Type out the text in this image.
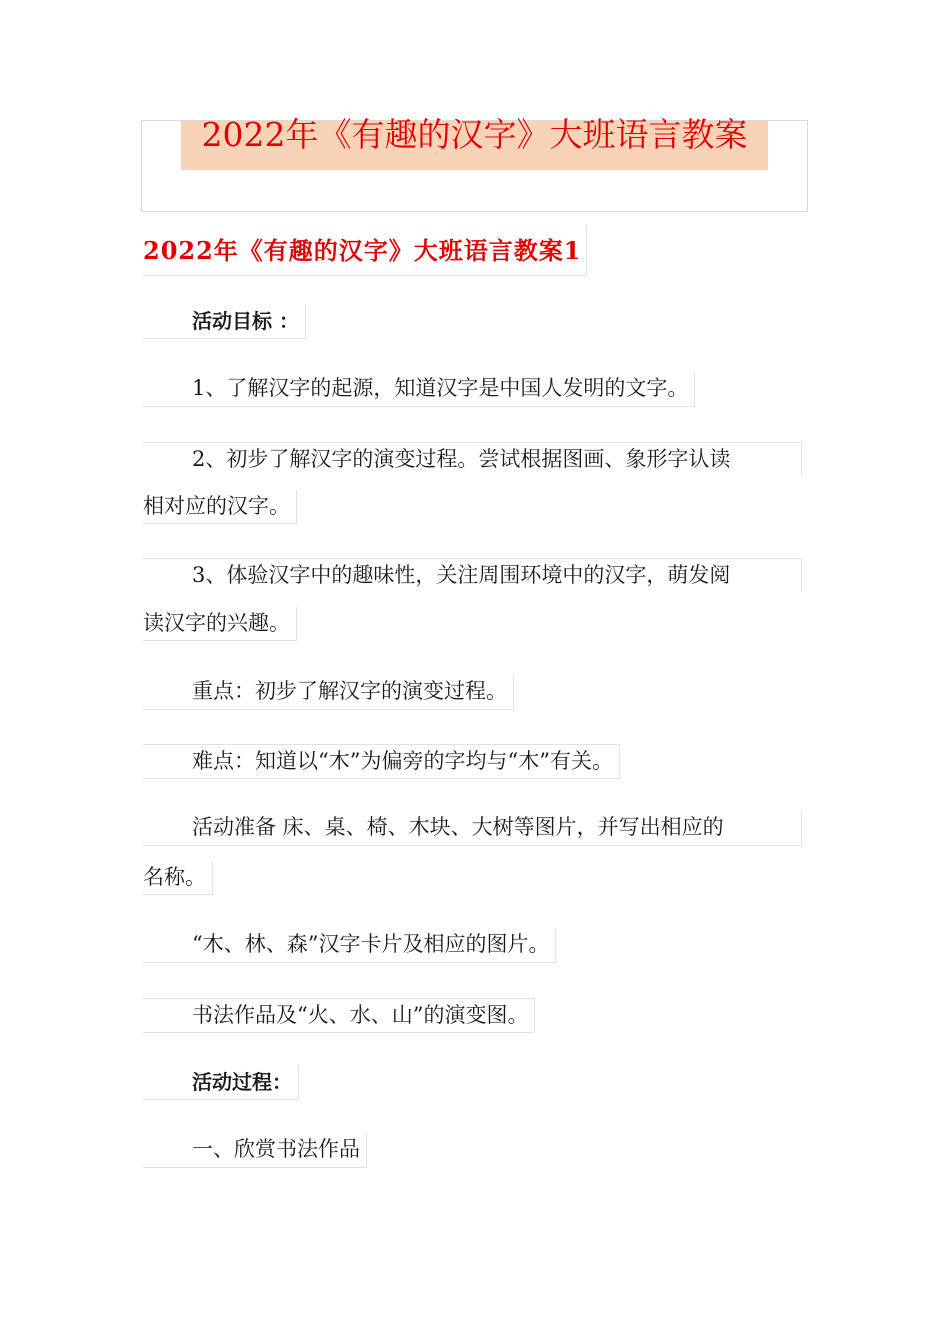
2022年《有趣的汉字》大班语言教案
2022年《有趣的汉字》大班语言教案1
活动目标 ：
1、了解汉字的起源，知道汉字是中国人发明的文字。
2、初步了解汉字的演变过程。尝试根据图画、象形字认读
相对应的汉字。
3、体验汉字中的趣味性，关注周围环境中的汉字，萌发阅
读汉字的兴趣。
重点：初步了解汉字的演变过程。
难点：知道以“木”为偏旁的字均与“木”有关。
活动准备 床、桌、椅、木块、大树等图片，并写出相应的
名称。
“木、林、森”汉字卡片及相应的图片。
书法作品及“火、水、山”的演变图。
活动过程：
一、欣赏书法作品
